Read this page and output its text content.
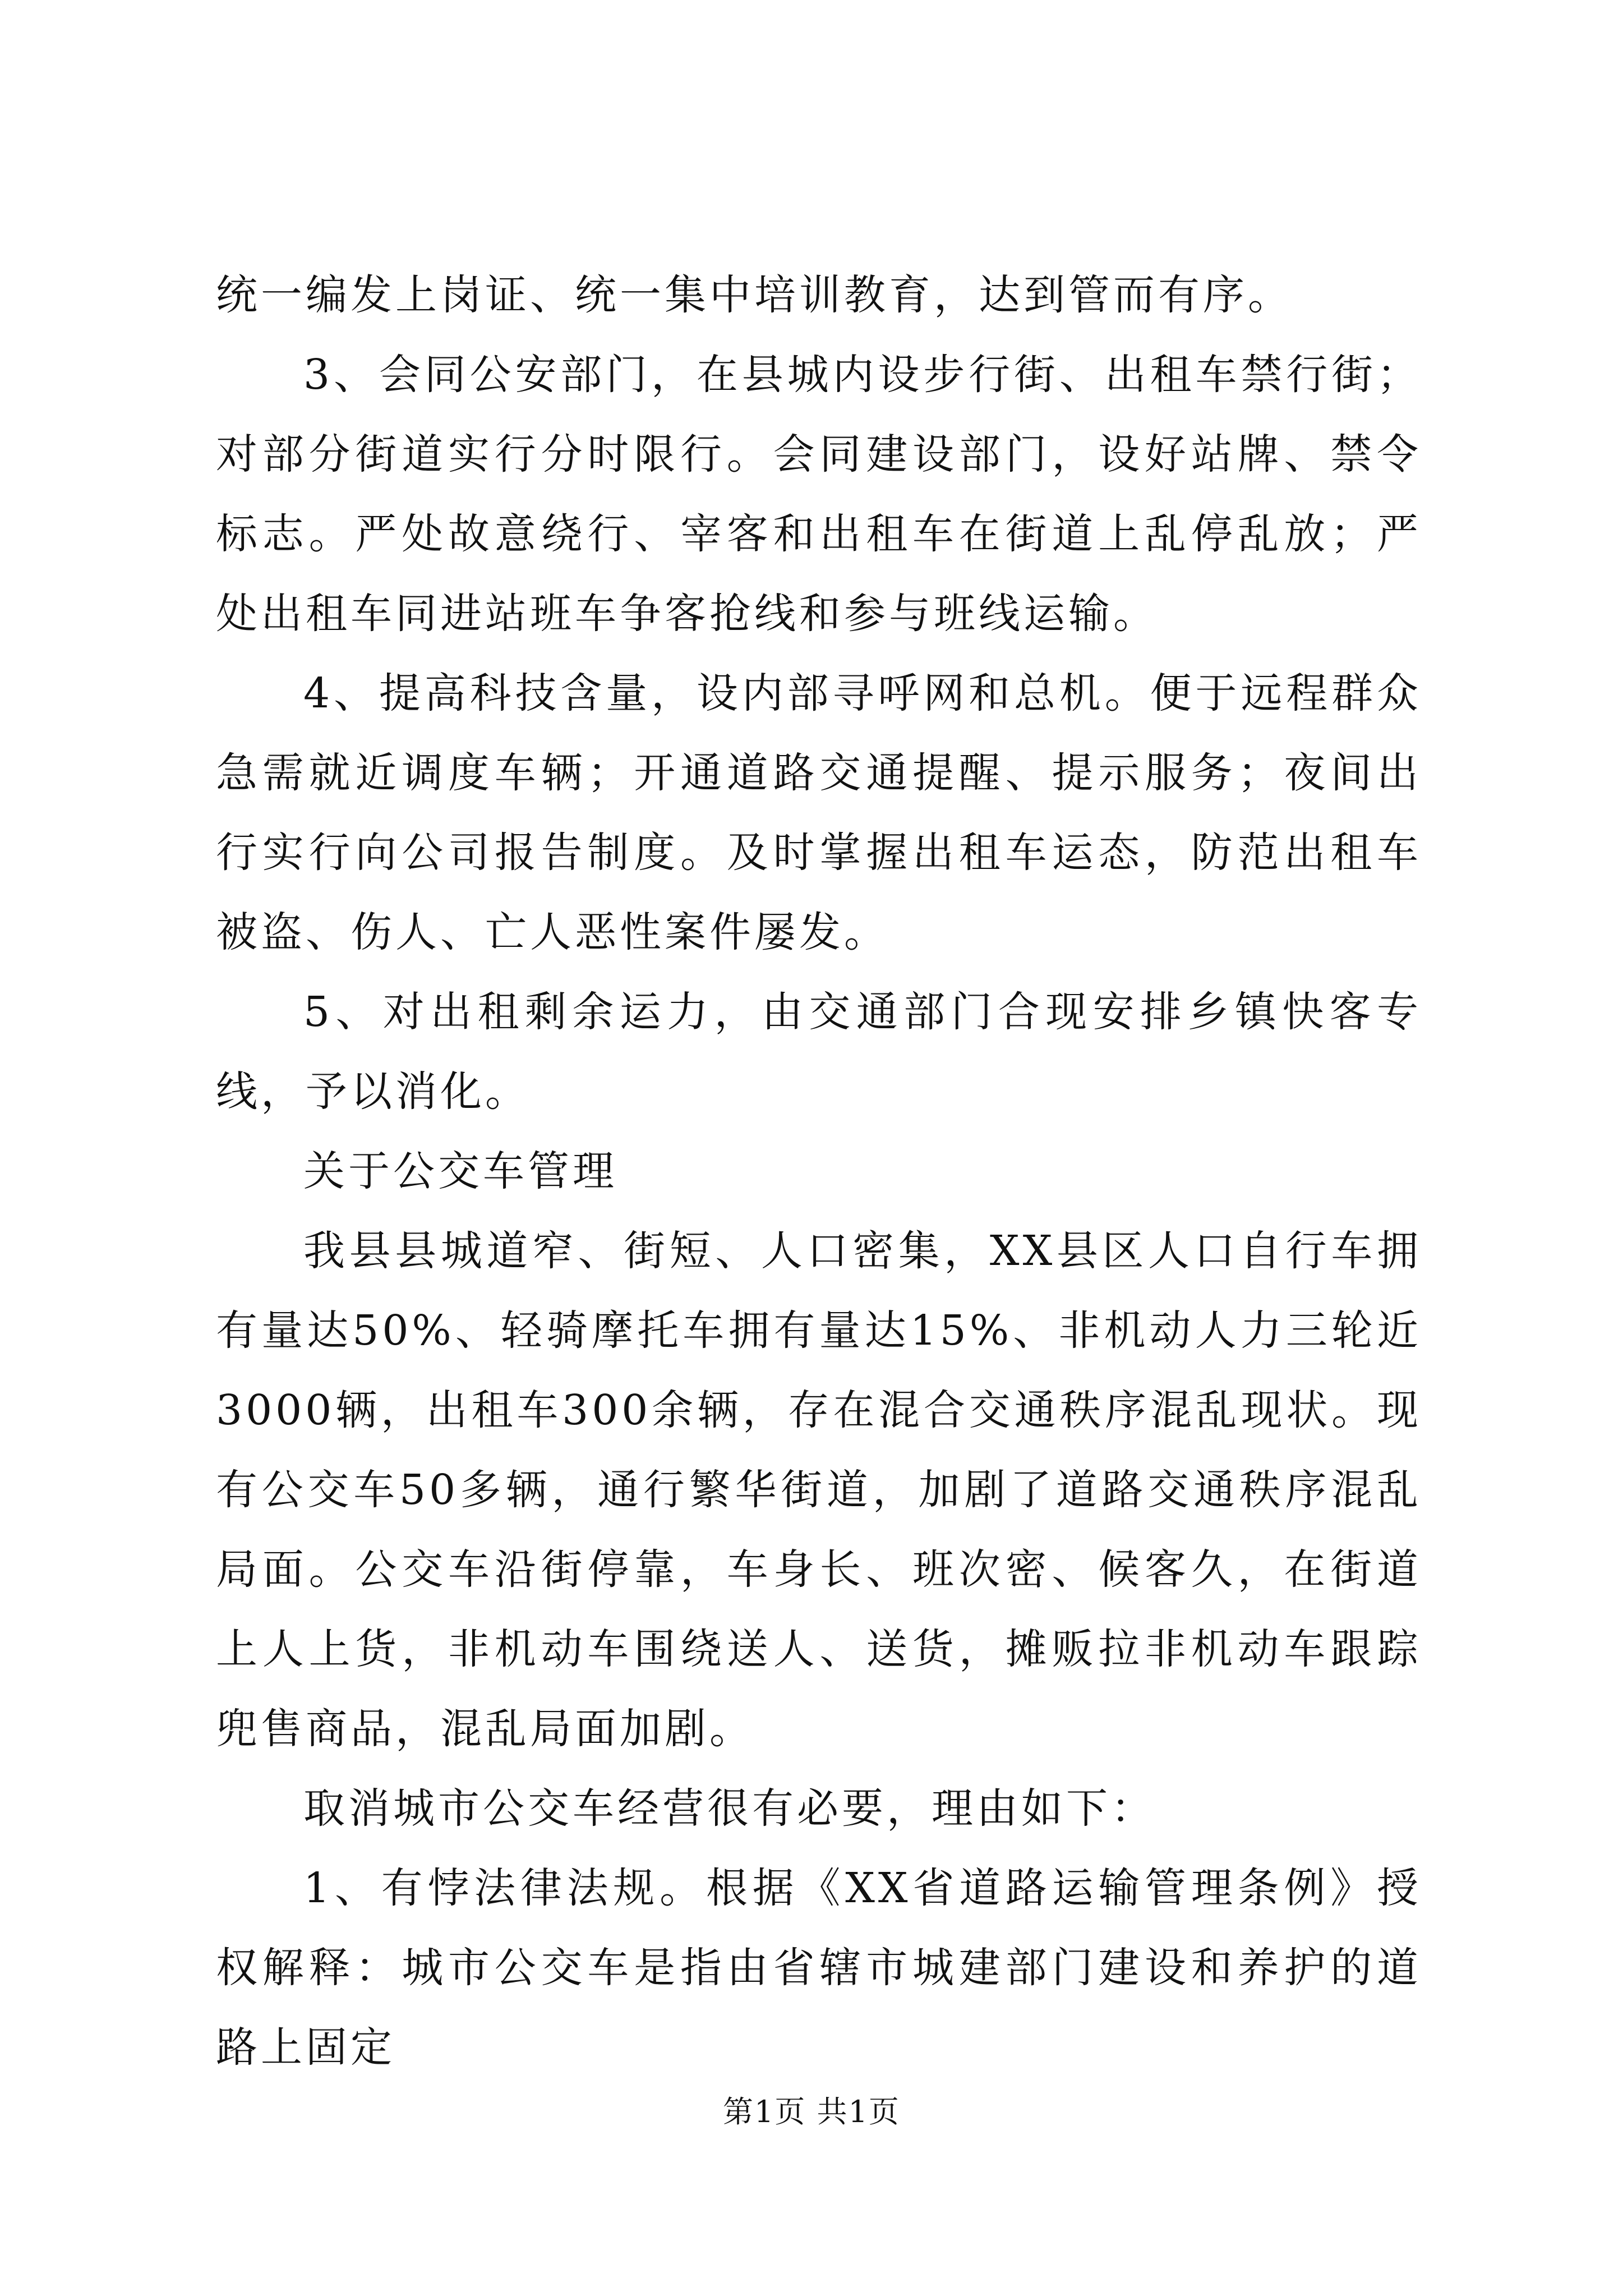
统一编发上岗证、统一集中培训教育，达到管而有序。

3、会同公安部门，在县城内设步行街、出租车禁行街；对部分街道实行分时限行。会同建设部门，设好站牌、禁令标志。严处故意绕行、宰客和出租车在街道上乱停乱放；严处出租车同进站班车争客抢线和参与班线运输。

4、提高科技含量，设内部寻呼网和总机。便于远程群众急需就近调度车辆；开通道路交通提醒、提示服务；夜间出行实行向公司报告制度。及时掌握出租车运态，防范出租车被盗、伤人、亡人恶性案件屡发。

5、对出租剩余运力，由交通部门合现安排乡镇快客专线，予以消化。

关于公交车管理

我县县城道窄、街短、人口密集，XX县区人口自行车拥有量达50%、轻骑摩托车拥有量达15%、非机动人力三轮近3000辆，出租车300余辆，存在混合交通秩序混乱现状。现有公交车50多辆，通行繁华街道，加剧了道路交通秩序混乱局面。公交车沿街停靠，车身长、班次密、候客久，在街道上人上货，非机动车围绕送人、送货，摊贩拉非机动车跟踪兜售商品，混乱局面加剧。

取消城市公交车经营很有必要，理由如下：

1、有悖法律法规。根据《XX省道路运输管理条例》授权解释：城市公交车是指由省辖市城建部门建设和养护的道路上固定

第1页 共1页
